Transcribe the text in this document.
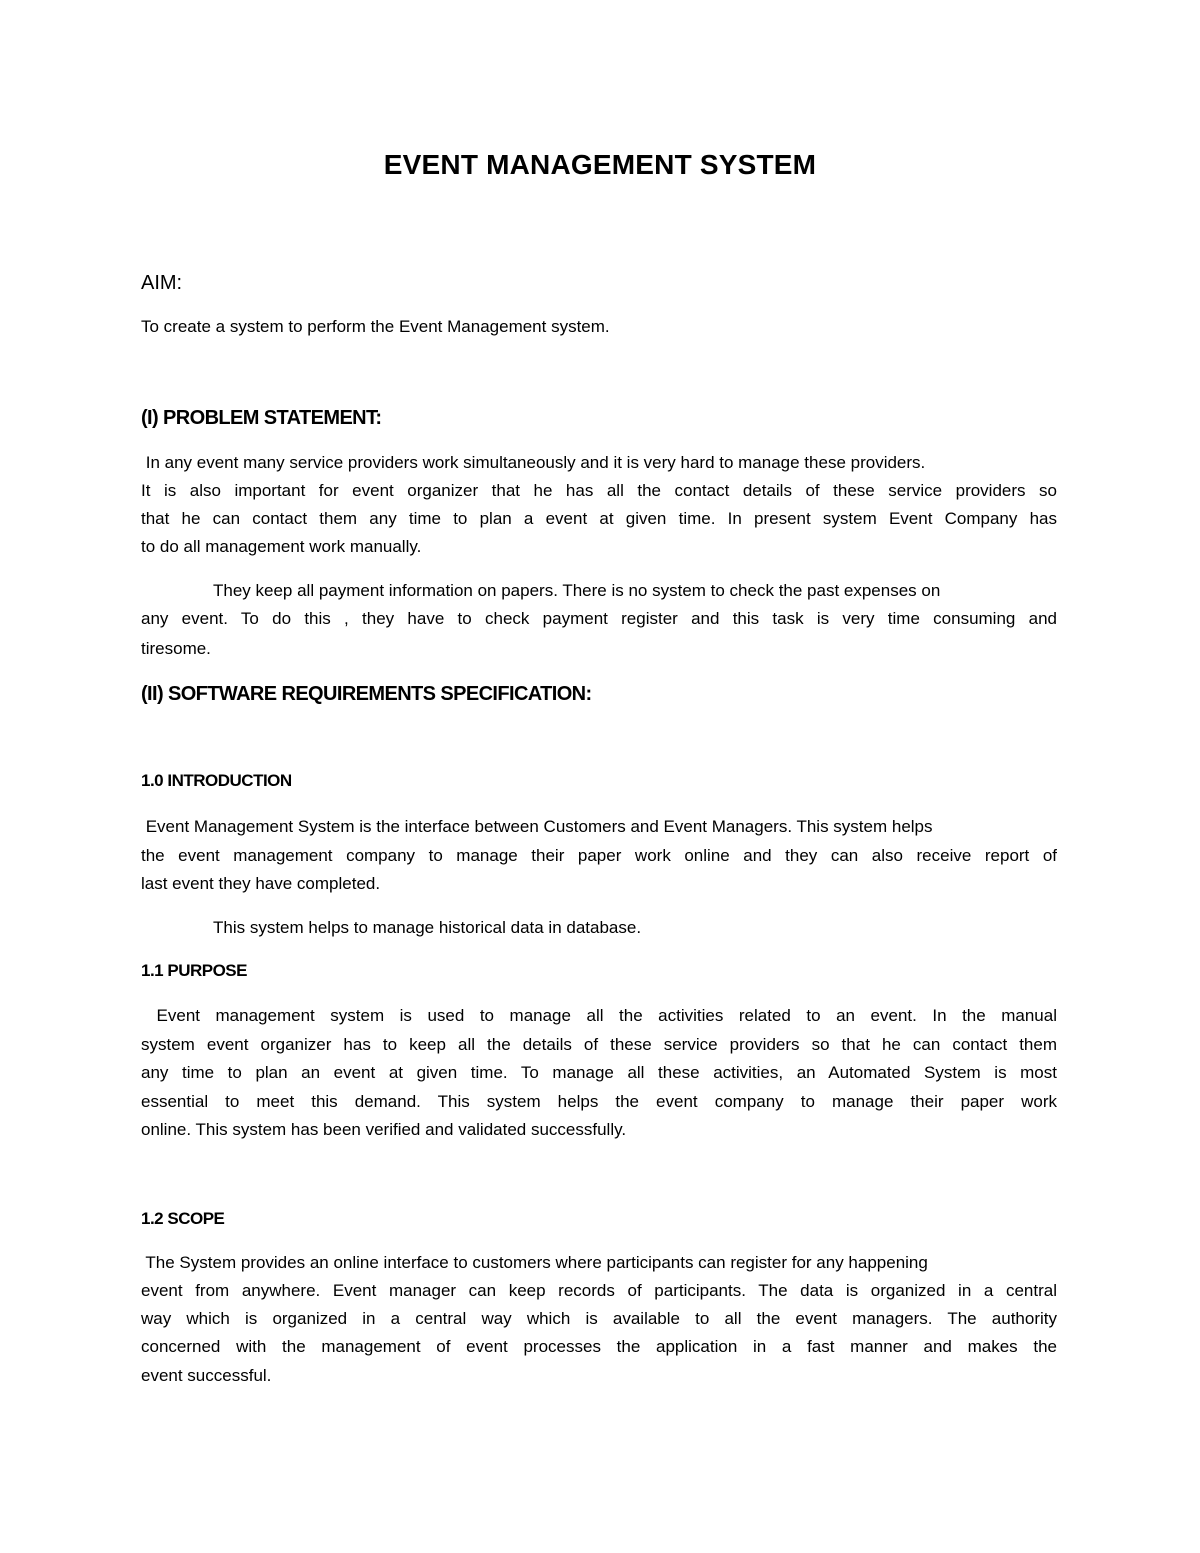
EVENT MANAGEMENT SYSTEM
AIM:
To create a system to perform the Event Management system.
(I) PROBLEM STATEMENT:
In any event many service providers work simultaneously and it is very hard to manage these providers.
It is also important for event organizer that he has all the contact details of these service providers so
that he can contact them any time to plan a event at given time. In present system Event Company has
to do all management work manually.
They keep all payment information on papers. There is no system to check the past expenses on
any event. To do this , they have to check payment register and this task is very time consuming and
tiresome.
(II) SOFTWARE REQUIREMENTS SPECIFICATION:
1.0 INTRODUCTION
Event Management System is the interface between Customers and Event Managers. This system helps
the event management company to manage their paper work online and they can also receive report of
last event they have completed.
This system helps to manage historical data in database.
1.1 PURPOSE
Event management system is used to manage all the activities related to an event. In the manual
system event organizer has to keep all the details of these service providers so that he can contact them
any time to plan an event at given time. To manage all these activities, an Automated System is most
essential to meet this demand. This system helps the event company to manage their paper work
online. This system has been verified and validated successfully.
1.2 SCOPE
The System provides an online interface to customers where participants can register for any happening
event from anywhere. Event manager can keep records of participants. The data is organized in a central
way which is organized in a central way which is available to all the event managers. The authority
concerned with the management of event processes the application in a fast manner and makes the
event successful.
